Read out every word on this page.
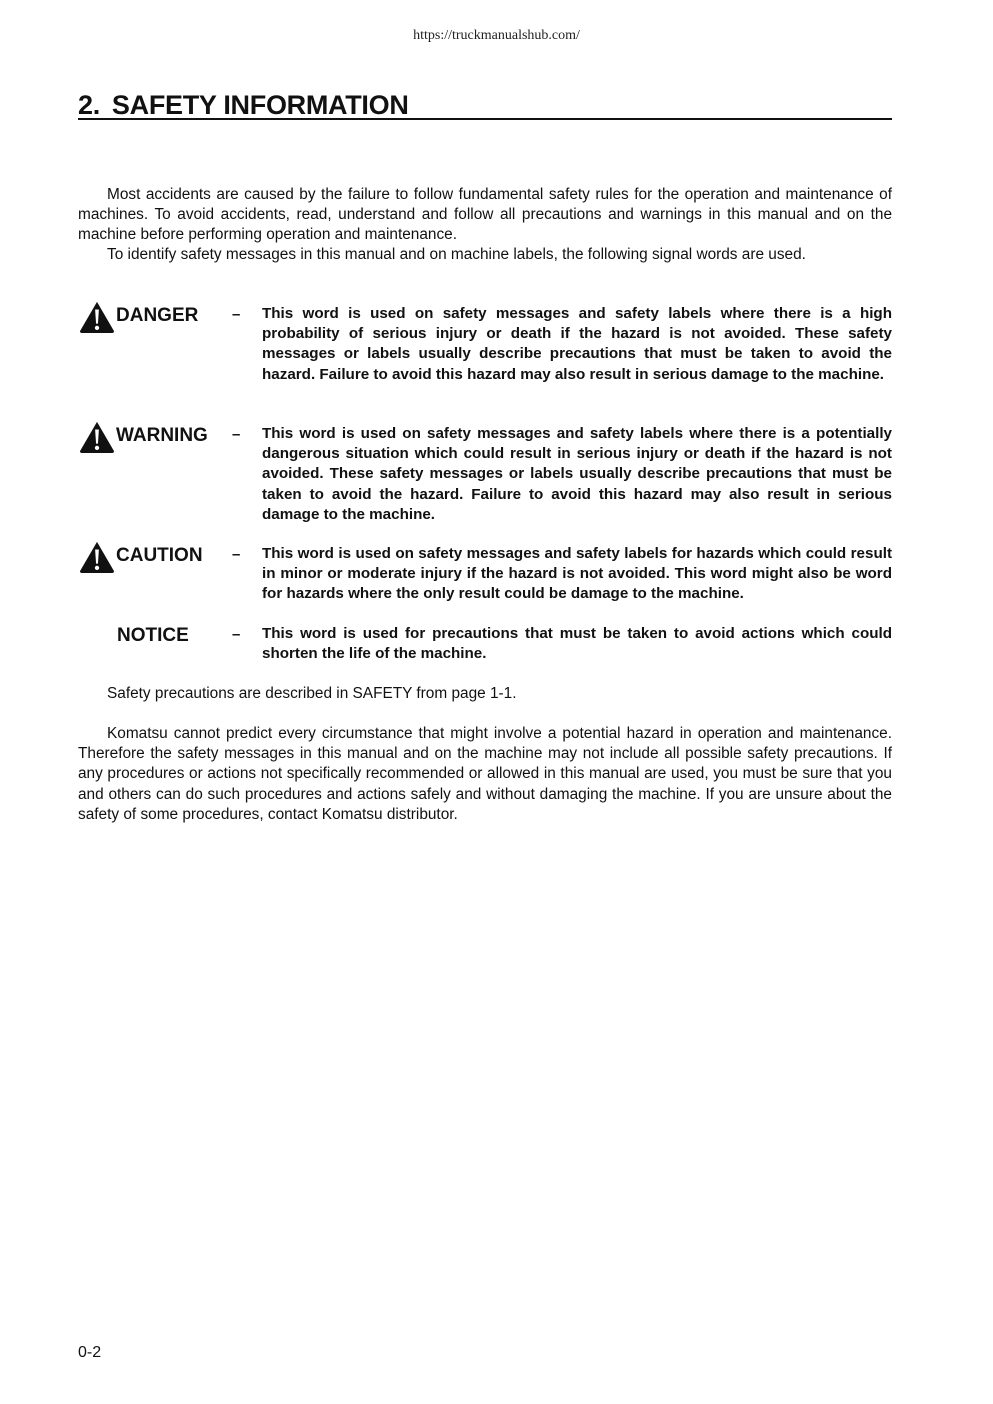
https://truckmanualshub.com/
2. SAFETY INFORMATION

Most accidents are caused by the failure to follow fundamental safety rules for the operation and maintenance of machines. To avoid accidents, read, understand and follow all precautions and warnings in this manual and on the machine before performing operation and maintenance.

To identify safety messages in this manual and on machine labels, the following signal words are used.

DANGER – This word is used on safety messages and safety labels where there is a high probability of serious injury or death if the hazard is not avoided. These safety messages or labels usually describe precautions that must be taken to avoid the hazard. Failure to avoid this hazard may also result in serious damage to the machine.

WARNING – This word is used on safety messages and safety labels where there is a potentially dangerous situation which could result in serious injury or death if the hazard is not avoided. These safety messages or labels usually describe precautions that must be taken to avoid the hazard. Failure to avoid this hazard may also result in serious damage to the machine.

CAUTION – This word is used on safety messages and safety labels for hazards which could result in minor or moderate injury if the hazard is not avoided. This word might also be word for hazards where the only result could be damage to the machine.

NOTICE	– This word is used for precautions that must be taken to avoid actions which could shorten the life of the machine.

Safety precautions are described in SAFETY from page 1-1.

Komatsu cannot predict every circumstance that might involve a potential hazard in operation and maintenance. Therefore the safety messages in this manual and on the machine may not include all possible safety precautions. If any procedures or actions not specifically recommended or allowed in this manual are used, you must be sure that you and others can do such procedures and actions safely and without damaging the machine. If you are unsure about the safety of some procedures, contact Komatsu distributor.

0-2
